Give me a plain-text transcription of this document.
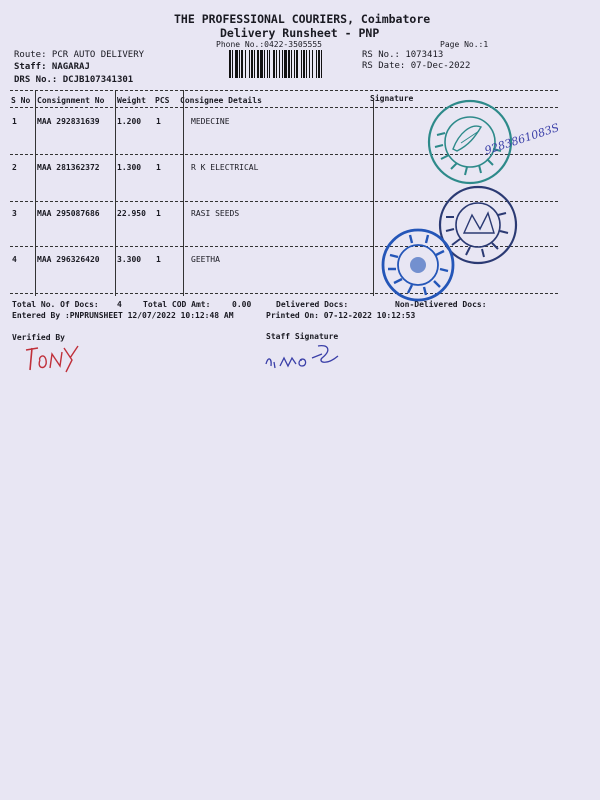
THE PROFESSIONAL COURIERS, Coimbatore
Delivery Runsheet - PNP
Phone No.:0422-3505555	Page No.:1
Route: PCR AUTO DELIVERY
Staff: NAGARAJ
DRS No.: DCJB107341301
RS No.: 1073413
RS Date: 07-Dec-2022
S No Consignment No Weight PCS Consignee Details	Signature
1	MAA 292831639 1.200 1	MEDECINE
2	MAA 281362372 1.300 1	R K ELECTRICAL
3	MAA 295087686 22.950 1	RASI SEEDS
4	MAA 296326420 3.300 1	GEETHA
Total No. Of Docs: 4	Total COD Amt:	0.00	Delivered Docs:	Non-Delivered Docs:
Entered By :PNPRUNSHEET 12/07/2022 10:12:48 AM	Printed On: 07-12-2022 10:12:53
Verified By	Staff Signature
9283861083S
